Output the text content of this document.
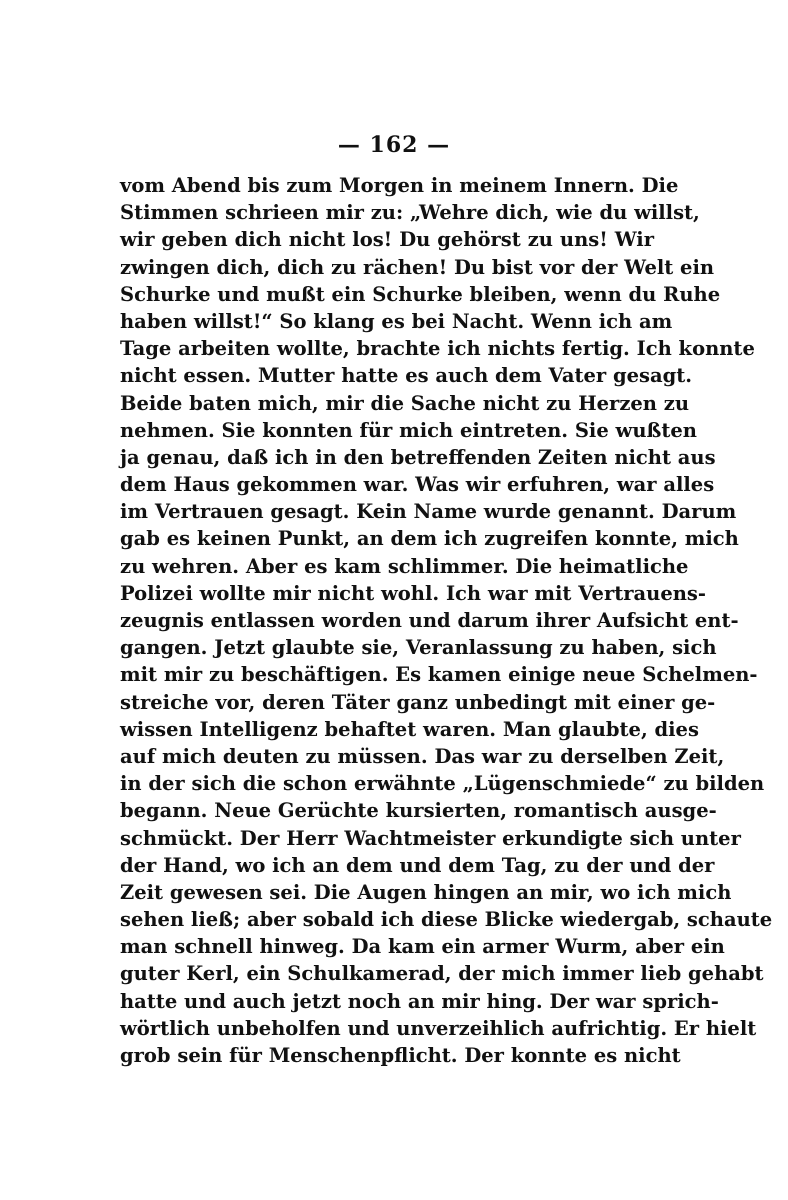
— 162 —
vom Abend bis zum Morgen in meinem Innern. Die
Stimmen schrieen mir zu: „Wehre dich, wie du willst,
wir geben dich nicht los! Du gehörst zu uns! Wir
zwingen dich, dich zu rächen! Du bist vor der Welt ein
Schurke und mußt ein Schurke bleiben, wenn du Ruhe
haben willst!“ So klang es bei Nacht. Wenn ich am
Tage arbeiten wollte, brachte ich nichts fertig. Ich konnte
nicht essen. Mutter hatte es auch dem Vater gesagt.
Beide baten mich, mir die Sache nicht zu Herzen zu
nehmen. Sie konnten für mich eintreten. Sie wußten
ja genau, daß ich in den betreffenden Zeiten nicht aus
dem Haus gekommen war. Was wir erfuhren, war alles
im Vertrauen gesagt. Kein Name wurde genannt. Darum
gab es keinen Punkt, an dem ich zugreifen konnte, mich
zu wehren. Aber es kam schlimmer. Die heimatliche
Polizei wollte mir nicht wohl. Ich war mit Vertrauens-
zeugnis entlassen worden und darum ihrer Aufsicht ent-
gangen. Jetzt glaubte sie, Veranlassung zu haben, sich
mit mir zu beschäftigen. Es kamen einige neue Schelmen-
streiche vor, deren Täter ganz unbedingt mit einer ge-
wissen Intelligenz behaftet waren. Man glaubte, dies
auf mich deuten zu müssen. Das war zu derselben Zeit,
in der sich die schon erwähnte „Lügenschmiede“ zu bilden
begann. Neue Gerüchte kursierten, romantisch ausge-
schmückt. Der Herr Wachtmeister erkundigte sich unter
der Hand, wo ich an dem und dem Tag, zu der und der
Zeit gewesen sei. Die Augen hingen an mir, wo ich mich
sehen ließ; aber sobald ich diese Blicke wiedergab, schaute
man schnell hinweg. Da kam ein armer Wurm, aber ein
guter Kerl, ein Schulkamerad, der mich immer lieb gehabt
hatte und auch jetzt noch an mir hing. Der war sprich-
wörtlich unbeholfen und unverzeihlich aufrichtig. Er hielt
grob sein für Menschenpflicht. Der konnte es nicht
